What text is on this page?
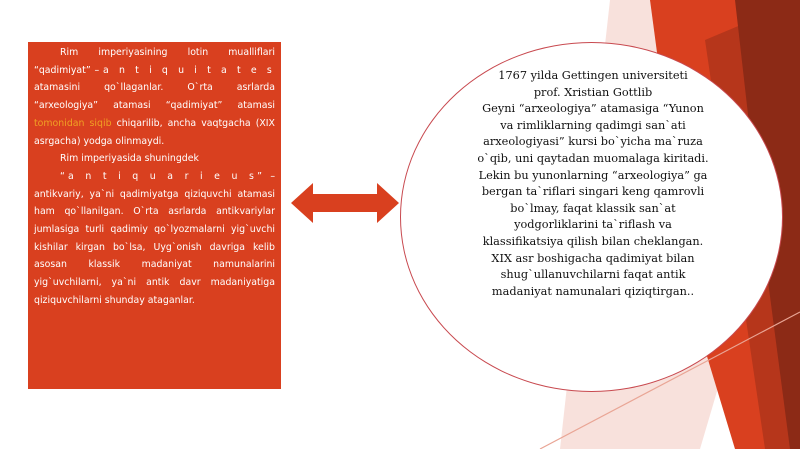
Rim imperiyasining lotin mualliflari “qadimiyat” – a n t i q u i t a t e s atamasini qo`llaganlar. O`rta asrlarda “arxeologiya” atamasi “qadimiyat” atamasi tomonidan siqib chiqarilib, ancha vaqtgacha (XIX asrgacha) yodga olinmaydi.

Rim imperiyasida shuningdek

“a n t i q u a r i e u s” – antikvariy, ya`ni qadimiyatga qiziquvchi atamasi ham qo`llanilgan. O`rta asrlarda antikvariylar jumlasiga turli qadimiy qo`lyozmalarni yig`uvchi kishilar kirgan bo`lsa, Uyg`onish davriga kelib asosan klassik madaniyat namunalarini yig`uvchilarni, ya`ni antik davr madaniyatiga qiziquvchilarni shunday ataganlar.

1767 yilda Gettingen universiteti
prof. Xristian Gottlib
Geyni “arxeologiya” atamasiga “Yunon
va rimliklarning qadimgi san`ati
arxeologiyasi” kursi bo`yicha ma`ruza
o`qib, uni qaytadan muomalaga kiritadi.
Lekin bu yunonlarning “arxeologiya” ga
bergan ta`riflari singari keng qamrovli
bo`lmay, faqat klassik san`at
yodgorliklarini ta`riflash va
klassifikatsiya qilish bilan cheklangan.
XIX asr boshigacha qadimiyat bilan
shug`ullanuvchilarni faqat antik
madaniyat namunalari qiziqtirgan..
